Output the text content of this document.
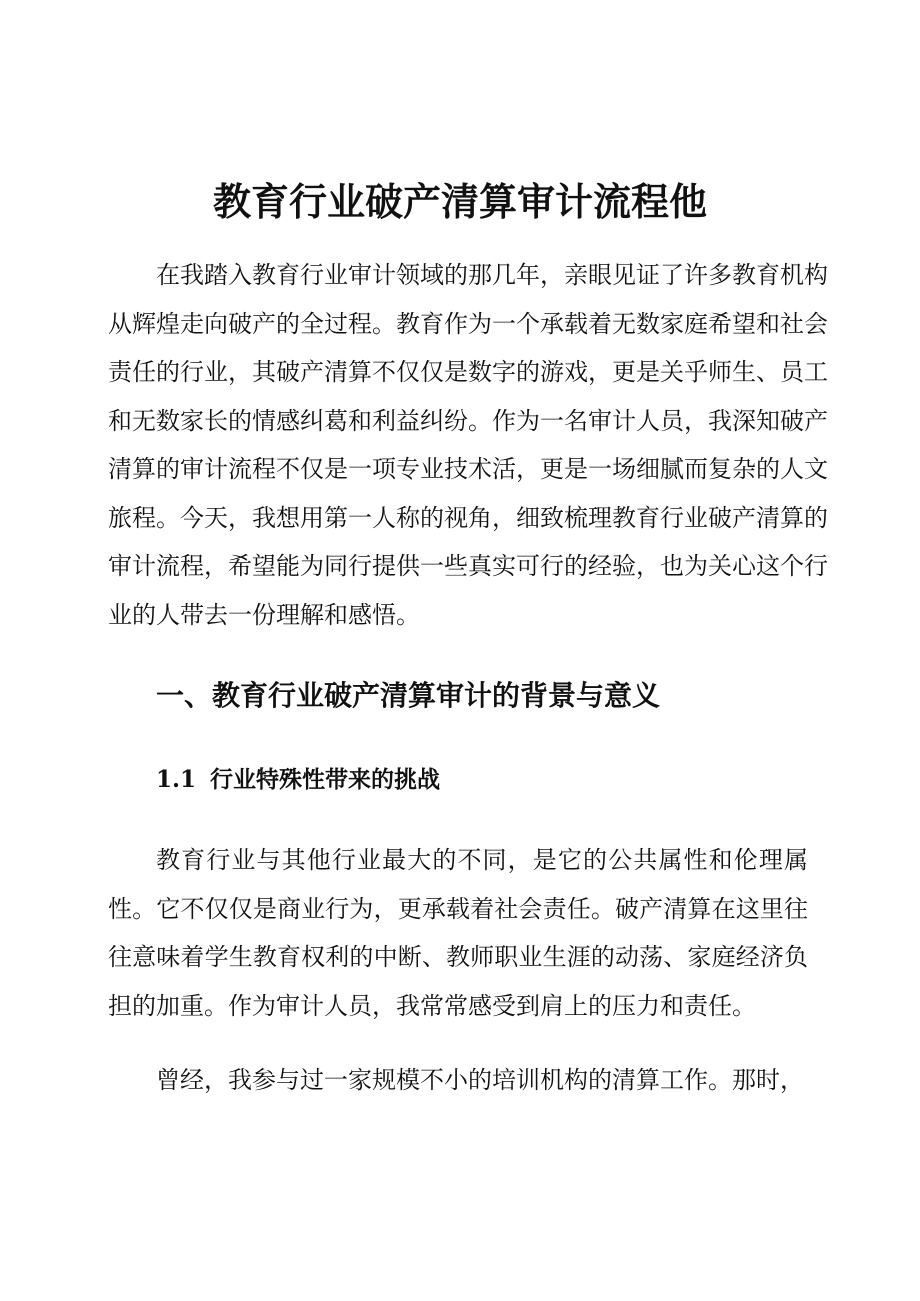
教育行业破产清算审计流程他

在我踏入教育行业审计领域的那几年，亲眼见证了许多教育机构从辉煌走向破产的全过程。教育作为一个承载着无数家庭希望和社会责任的行业，其破产清算不仅仅是数字的游戏，更是关乎师生、员工和无数家长的情感纠葛和利益纠纷。作为一名审计人员，我深知破产清算的审计流程不仅是一项专业技术活，更是一场细腻而复杂的人文旅程。今天，我想用第一人称的视角，细致梳理教育行业破产清算的审计流程，希望能为同行提供一些真实可行的经验，也为关心这个行业的人带去一份理解和感悟。

一、教育行业破产清算审计的背景与意义
1.1 行业特殊性带来的挑战

教育行业与其他行业最大的不同，是它的公共属性和伦理属性。它不仅仅是商业行为，更承载着社会责任。破产清算在这里往往意味着学生教育权利的中断、教师职业生涯的动荡、家庭经济负担的加重。作为审计人员，我常常感受到肩上的压力和责任。

曾经，我参与过一家规模不小的培训机构的清算工作。那时，
